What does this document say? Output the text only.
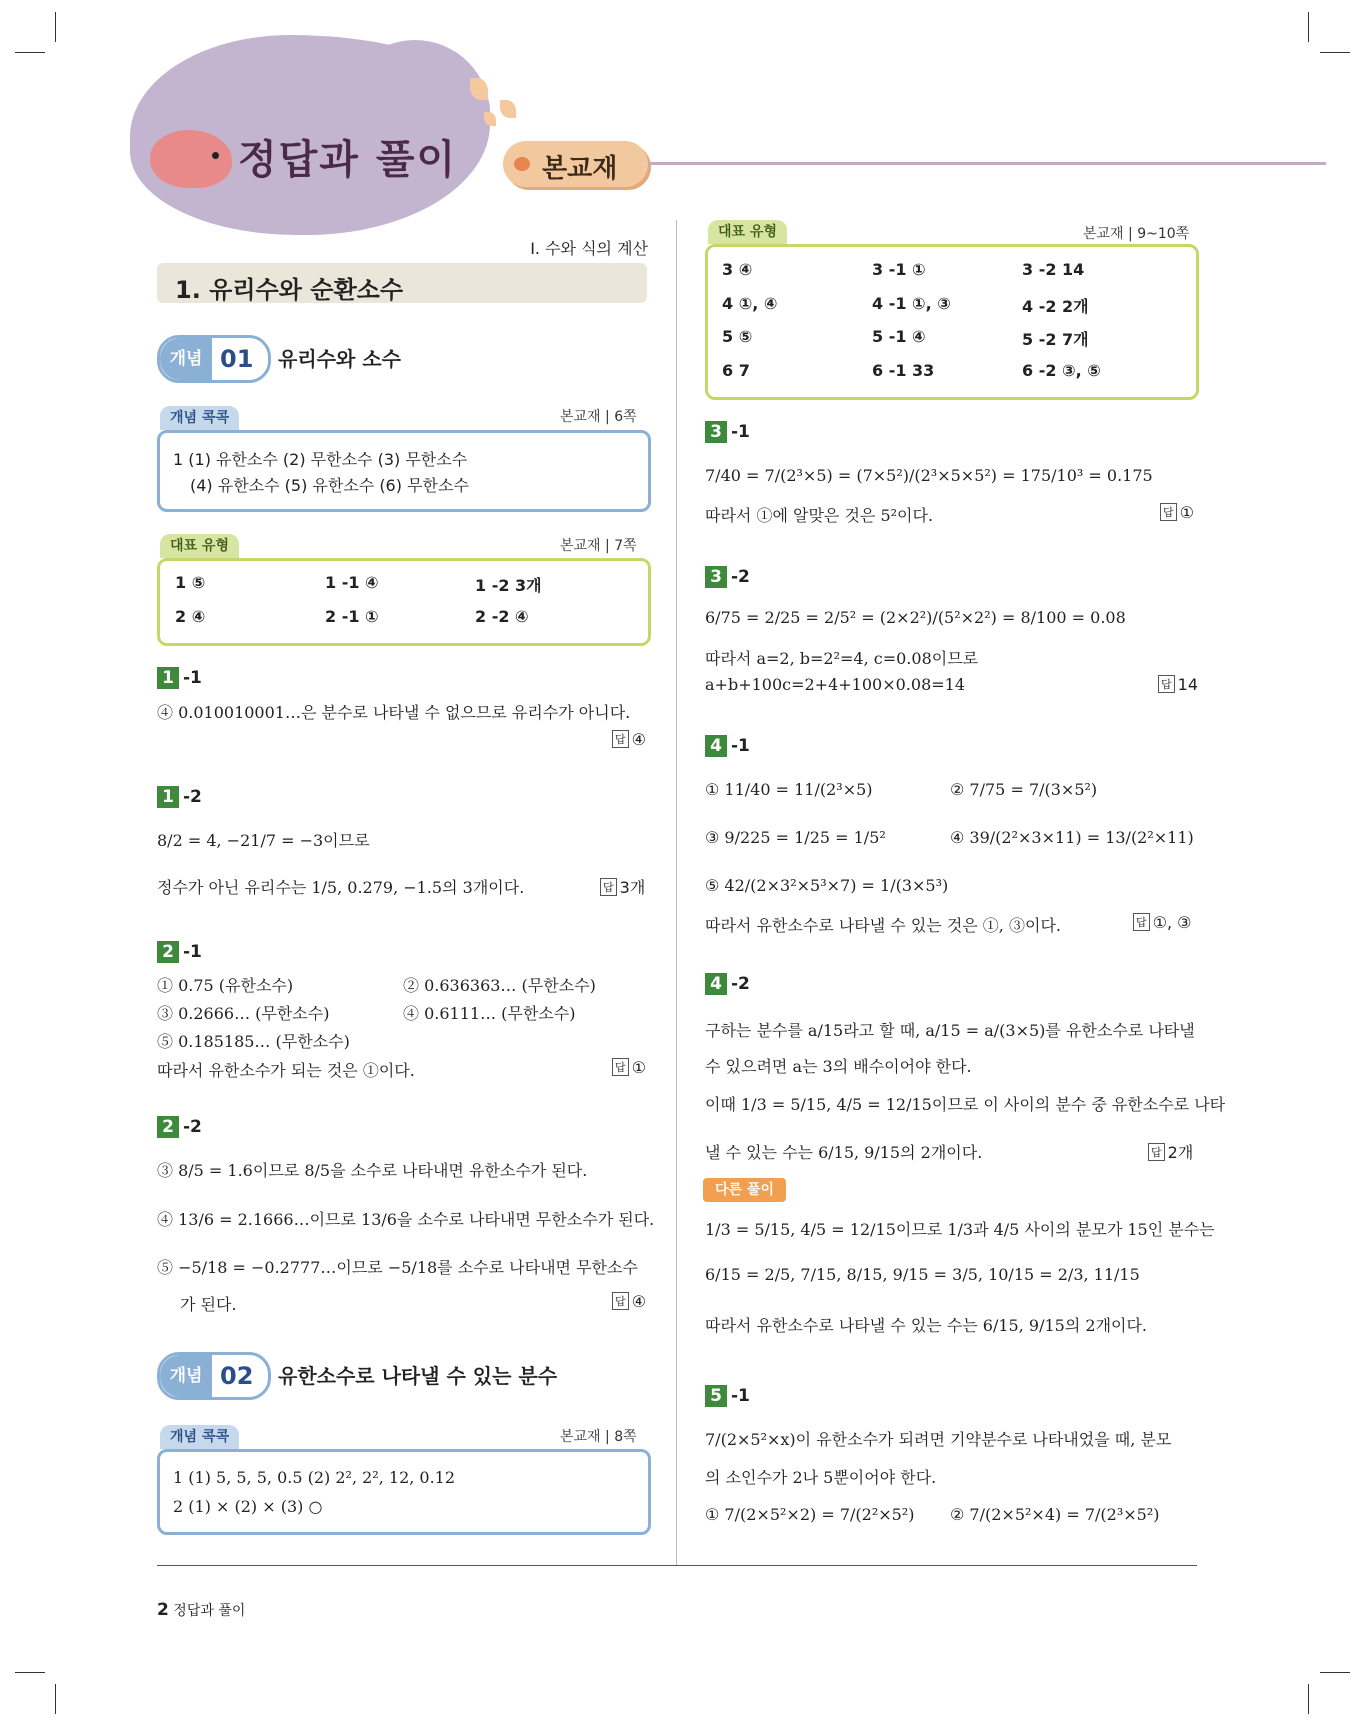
정답과 풀이	본교재
I. 수와 식의 계산
1. 유리수와 순환소수
개념 01 유리수와 소수
개념 콕콕	본교재 | 6쪽
1 (1) 유한소수 (2) 무한소수 (3) 무한소수
(4) 유한소수 (5) 유한소수 (6) 무한소수
대표 유형	본교재 | 7쪽
1 ⑤	1 -1 ④	1 -2 3개
2 ④	2 -1 ①	2 -2 ④
1 -1
④ 0.010010001…은 분수로 나타낼 수 없으므로 유리수가 아니다.
답 ④
1 -2
8/2 = 4, −21/7 = −3이므로
정수가 아닌 유리수는 1/5, 0.279, −1.5의 3개이다.	답 3개
2 -1
① 0.75 (유한소수)	② 0.636363… (무한소수)
③ 0.2666… (무한소수)	④ 0.6111… (무한소수)
⑤ 0.185185… (무한소수)
따라서 유한소수가 되는 것은 ①이다.	답 ①
2 -2
③ 8/5 = 1.6이므로 8/5을 소수로 나타내면 유한소수가 된다.
④ 13/6 = 2.1666…이므로 13/6을 소수로 나타내면 무한소수가 된다.
⑤ −5/18 = −0.2777…이므로 −5/18를 소수로 나타내면 무한소수
가 된다.	답 ④
개념 02 유한소수로 나타낼 수 있는 분수
개념 콕콕	본교재 | 8쪽
1 (1) 5, 5, 5, 0.5 (2) 2², 2², 12, 0.12
2 (1) × (2) × (3) ○
대표 유형	본교재 | 9~10쪽
3 ④	3 -1 ①	3 -2 14
4 ①, ④	4 -1 ①, ③	4 -2 2개
5 ⑤	5 -1 ④	5 -2 7개
6 7	6 -1 33	6 -2 ③, ⑤
3 -1
7/40 = 7/(2³×5) = (7×5²)/(2³×5×5²) = 175/10³ = 0.175
따라서 ①에 알맞은 것은 5²이다.	답 ①
3 -2
6/75 = 2/25 = 2/5² = (2×2²)/(5²×2²) = 8/100 = 0.08
따라서 a=2, b=2²=4, c=0.08이므로
a+b+100c=2+4+100×0.08=14	답 14
4 -1
① 11/40 = 11/(2³×5)	② 7/75 = 7/(3×5²)
③ 9/225 = 1/25 = 1/5²	④ 39/(2²×3×11) = 13/(2²×11)
⑤ 42/(2×3²×5³×7) = 1/(3×5³)
따라서 유한소수로 나타낼 수 있는 것은 ①, ③이다.	답 ①, ③
4 -2
구하는 분수를 a/15라고 할 때, a/15 = a/(3×5)를 유한소수로 나타낼
수 있으려면 a는 3의 배수이어야 한다.
이때 1/3 = 5/15, 4/5 = 12/15이므로 이 사이의 분수 중 유한소수로 나타
낼 수 있는 수는 6/15, 9/15의 2개이다.	답 2개
다른 풀이
1/3 = 5/15, 4/5 = 12/15이므로 1/3과 4/5 사이의 분모가 15인 분수는
6/15 = 2/5, 7/15, 8/15, 9/15 = 3/5, 10/15 = 2/3, 11/15
따라서 유한소수로 나타낼 수 있는 수는 6/15, 9/15의 2개이다.
5 -1
7/(2×5²×x)이 유한소수가 되려면 기약분수로 나타내었을 때, 분모
의 소인수가 2나 5뿐이어야 한다.
① 7/(2×5²×2) = 7/(2²×5²) ② 7/(2×5²×4) = 7/(2³×5²)
2 정답과 풀이
